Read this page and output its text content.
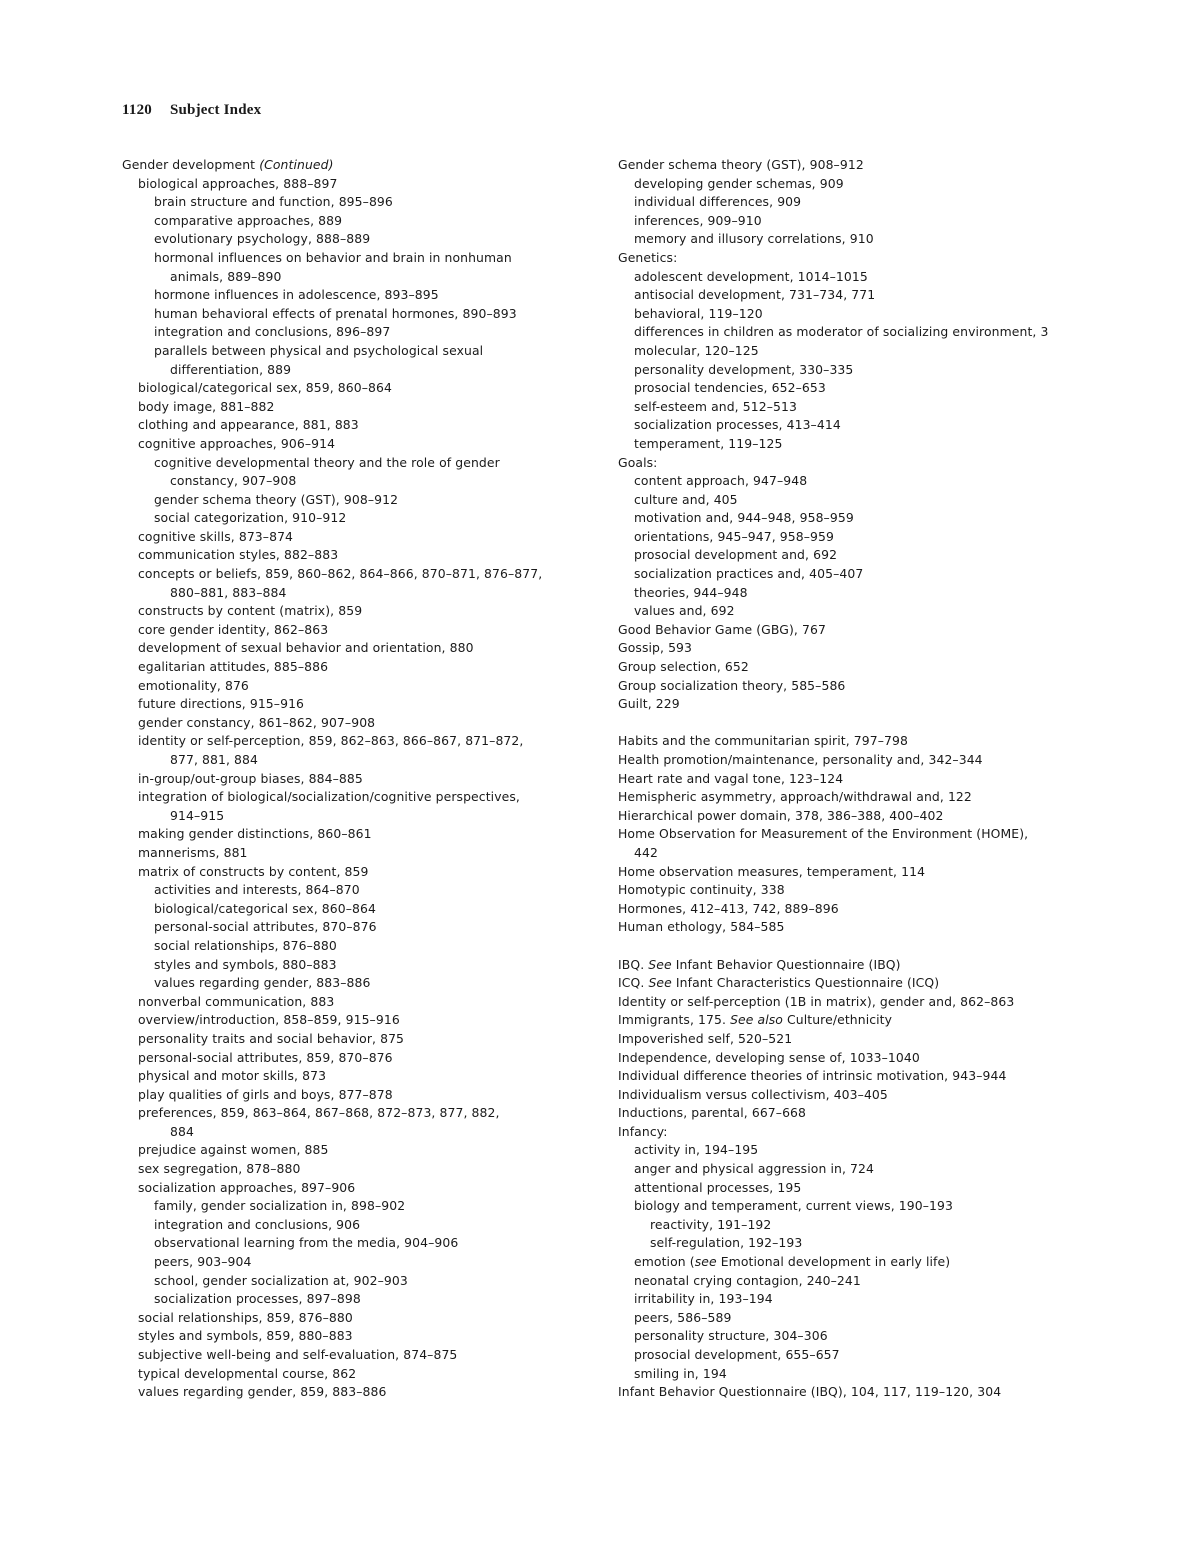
1120 Subject Index
Gender development (Continued)
biological approaches, 888–897
brain structure and function, 895–896
comparative approaches, 889
evolutionary psychology, 888–889
hormonal influences on behavior and brain in nonhuman
animals, 889–890
hormone influences in adolescence, 893–895
human behavioral effects of prenatal hormones, 890–893
integration and conclusions, 896–897
parallels between physical and psychological sexual
differentiation, 889
biological/categorical sex, 859, 860–864
body image, 881–882
clothing and appearance, 881, 883
cognitive approaches, 906–914
cognitive developmental theory and the role of gender
constancy, 907–908
gender schema theory (GST), 908–912
social categorization, 910–912
cognitive skills, 873–874
communication styles, 882–883
concepts or beliefs, 859, 860–862, 864–866, 870–871, 876–877,
880–881, 883–884
constructs by content (matrix), 859
core gender identity, 862–863
development of sexual behavior and orientation, 880
egalitarian attitudes, 885–886
emotionality, 876
future directions, 915–916
gender constancy, 861–862, 907–908
identity or self-perception, 859, 862–863, 866–867, 871–872,
877, 881, 884
in-group/out-group biases, 884–885
integration of biological/socialization/cognitive perspectives,
914–915
making gender distinctions, 860–861
mannerisms, 881
matrix of constructs by content, 859
activities and interests, 864–870
biological/categorical sex, 860–864
personal-social attributes, 870–876
social relationships, 876–880
styles and symbols, 880–883
values regarding gender, 883–886
nonverbal communication, 883
overview/introduction, 858–859, 915–916
personality traits and social behavior, 875
personal-social attributes, 859, 870–876
physical and motor skills, 873
play qualities of girls and boys, 877–878
preferences, 859, 863–864, 867–868, 872–873, 877, 882,
884
prejudice against women, 885
sex segregation, 878–880
socialization approaches, 897–906
family, gender socialization in, 898–902
integration and conclusions, 906
observational learning from the media, 904–906
peers, 903–904
school, gender socialization at, 902–903
socialization processes, 897–898
social relationships, 859, 876–880
styles and symbols, 859, 880–883
subjective well-being and self-evaluation, 874–875
typical developmental course, 862
values regarding gender, 859, 883–886
Gender schema theory (GST), 908–912
developing gender schemas, 909
individual differences, 909
inferences, 909–910
memory and illusory correlations, 910
Genetics:
adolescent development, 1014–1015
antisocial development, 731–734, 771
behavioral, 119–120
differences in children as moderator of socializing environment, 3
molecular, 120–125
personality development, 330–335
prosocial tendencies, 652–653
self-esteem and, 512–513
socialization processes, 413–414
temperament, 119–125
Goals:
content approach, 947–948
culture and, 405
motivation and, 944–948, 958–959
orientations, 945–947, 958–959
prosocial development and, 692
socialization practices and, 405–407
theories, 944–948
values and, 692
Good Behavior Game (GBG), 767
Gossip, 593
Group selection, 652
Group socialization theory, 585–586
Guilt, 229
Habits and the communitarian spirit, 797–798
Health promotion/maintenance, personality and, 342–344
Heart rate and vagal tone, 123–124
Hemispheric asymmetry, approach/withdrawal and, 122
Hierarchical power domain, 378, 386–388, 400–402
Home Observation for Measurement of the Environment (HOME),
442
Home observation measures, temperament, 114
Homotypic continuity, 338
Hormones, 412–413, 742, 889–896
Human ethology, 584–585
IBQ. See Infant Behavior Questionnaire (IBQ)
ICQ. See Infant Characteristics Questionnaire (ICQ)
Identity or self-perception (1B in matrix), gender and, 862–863
Immigrants, 175. See also Culture/ethnicity
Impoverished self, 520–521
Independence, developing sense of, 1033–1040
Individual difference theories of intrinsic motivation, 943–944
Individualism versus collectivism, 403–405
Inductions, parental, 667–668
Infancy:
activity in, 194–195
anger and physical aggression in, 724
attentional processes, 195
biology and temperament, current views, 190–193
reactivity, 191–192
self-regulation, 192–193
emotion (see Emotional development in early life)
neonatal crying contagion, 240–241
irritability in, 193–194
peers, 586–589
personality structure, 304–306
prosocial development, 655–657
smiling in, 194
Infant Behavior Questionnaire (IBQ), 104, 117, 119–120, 304
